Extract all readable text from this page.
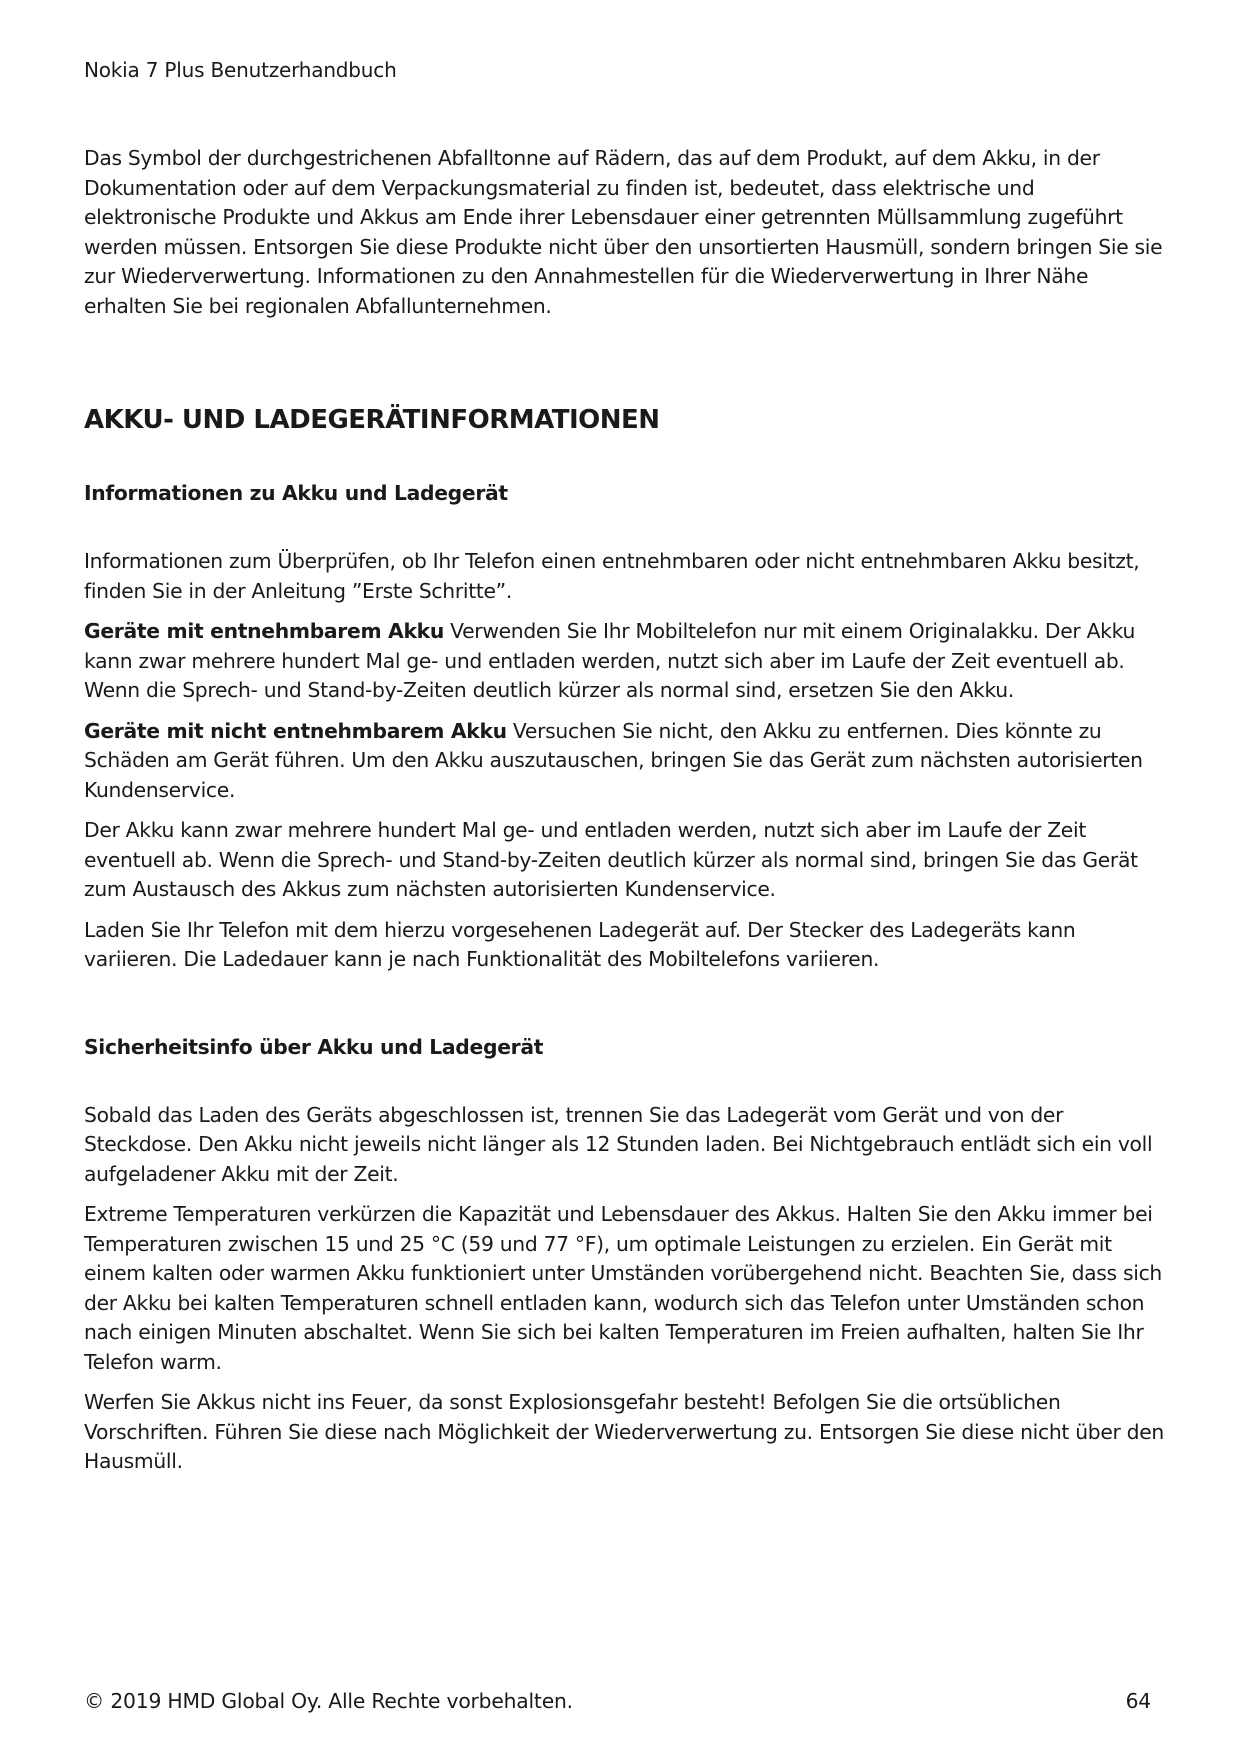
Nokia 7 Plus Benutzerhandbuch

Das Symbol der durchgestrichenen Abfalltonne auf Rädern, das auf dem Produkt, auf dem Akku, in der Dokumentation oder auf dem Verpackungsmaterial zu finden ist, bedeutet, dass elektrische und elektronische Produkte und Akkus am Ende ihrer Lebensdauer einer getrennten Müllsammlung zugeführt werden müssen. Entsorgen Sie diese Produkte nicht über den unsortierten Hausmüll, sondern bringen Sie sie zur Wiederverwertung. Informationen zu den Annahmestellen für die Wiederverwertung in Ihrer Nähe erhalten Sie bei regionalen Abfallunternehmen.

AKKU- UND LADEGERÄTINFORMATIONEN
Informationen zu Akku und Ladegerät

Informationen zum Überprüfen, ob Ihr Telefon einen entnehmbaren oder nicht entnehmbaren Akku besitzt, finden Sie in der Anleitung ”Erste Schritte”.

Geräte mit entnehmbarem Akku Verwenden Sie Ihr Mobiltelefon nur mit einem Originalakku. Der Akku kann zwar mehrere hundert Mal ge- und entladen werden, nutzt sich aber im Laufe der Zeit eventuell ab. Wenn die Sprech- und Stand-by-Zeiten deutlich kürzer als normal sind, ersetzen Sie den Akku.

Geräte mit nicht entnehmbarem Akku Versuchen Sie nicht, den Akku zu entfernen. Dies könnte zu Schäden am Gerät führen. Um den Akku auszutauschen, bringen Sie das Gerät zum nächsten autorisierten Kundenservice.

Der Akku kann zwar mehrere hundert Mal ge- und entladen werden, nutzt sich aber im Laufe der Zeit eventuell ab. Wenn die Sprech- und Stand-by-Zeiten deutlich kürzer als normal sind, bringen Sie das Gerät zum Austausch des Akkus zum nächsten autorisierten Kundenservice.

Laden Sie Ihr Telefon mit dem hierzu vorgesehenen Ladegerät auf. Der Stecker des Ladegeräts kann variieren. Die Ladedauer kann je nach Funktionalität des Mobiltelefons variieren.

Sicherheitsinfo über Akku und Ladegerät

Sobald das Laden des Geräts abgeschlossen ist, trennen Sie das Ladegerät vom Gerät und von der Steckdose. Den Akku nicht jeweils nicht länger als 12 Stunden laden. Bei Nichtgebrauch entlädt sich ein voll aufgeladener Akku mit der Zeit.

Extreme Temperaturen verkürzen die Kapazität und Lebensdauer des Akkus. Halten Sie den Akku immer bei Temperaturen zwischen 15 und 25 °C (59 und 77 °F), um optimale Leistungen zu erzielen. Ein Gerät mit einem kalten oder warmen Akku funktioniert unter Umständen vorübergehend nicht. Beachten Sie, dass sich der Akku bei kalten Temperaturen schnell entladen kann, wodurch sich das Telefon unter Umständen schon nach einigen Minuten abschaltet. Wenn Sie sich bei kalten Temperaturen im Freien aufhalten, halten Sie Ihr Telefon warm.

Werfen Sie Akkus nicht ins Feuer, da sonst Explosionsgefahr besteht! Befolgen Sie die ortsüblichen Vorschriften. Führen Sie diese nach Möglichkeit der Wiederverwertung zu. Entsorgen Sie diese nicht über den Hausmüll.

© 2019 HMD Global Oy. Alle Rechte vorbehalten.	64
